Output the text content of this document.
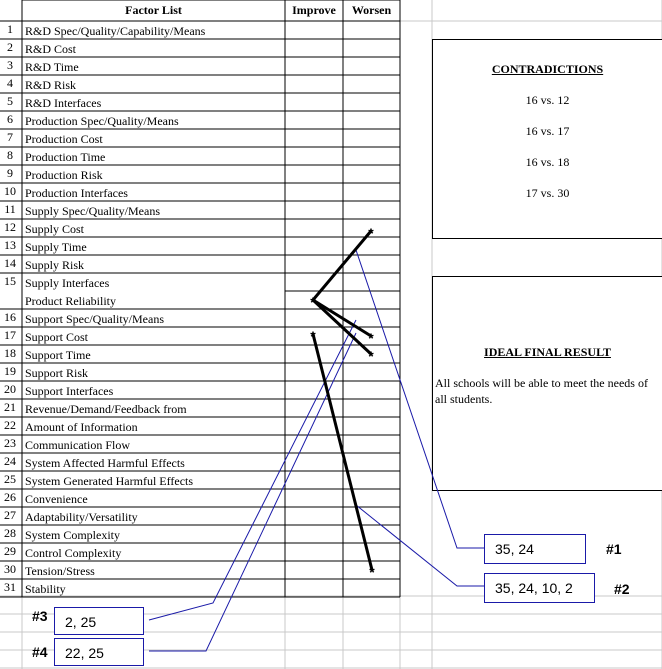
Factor List	Improve	Worsen
1	R&D Spec/Quality/Capability/Means
2	R&D Cost
3	R&D Time
4	R&D Risk
5	R&D Interfaces
6	Production Spec/Quality/Means
7	Production Cost
8	Production Time
9	Production Risk
10 Production Interfaces
11 Supply Spec/Quality/Means
12 Supply Cost
13 Supply Time
14 Supply Risk
15 Supply Interfaces
Product Reliability
16 Support Spec/Quality/Means
17 Support Cost
18 Support Time
19 Support Risk
20 Support Interfaces
21 Revenue/Demand/Feedback from
22 Amount of Information
23 Communication Flow
24 System Affected Harmful Effects
25 System Generated Harmful Effects
26 Convenience
27 Adaptability/Versatility
28 System Complexity
29 Control Complexity
30 Tension/Stress
31 Stability
CONTRADICTIONS
16 vs. 12
16 vs. 17
16 vs. 18
17 vs. 30
IDEAL FINAL RESULT
All schools will be able to meet the needs of all students.
*
*
*
*
*
*
35, 24	#1
35, 24, 10, 2	#2
2, 25
#3
22, 25
#4
